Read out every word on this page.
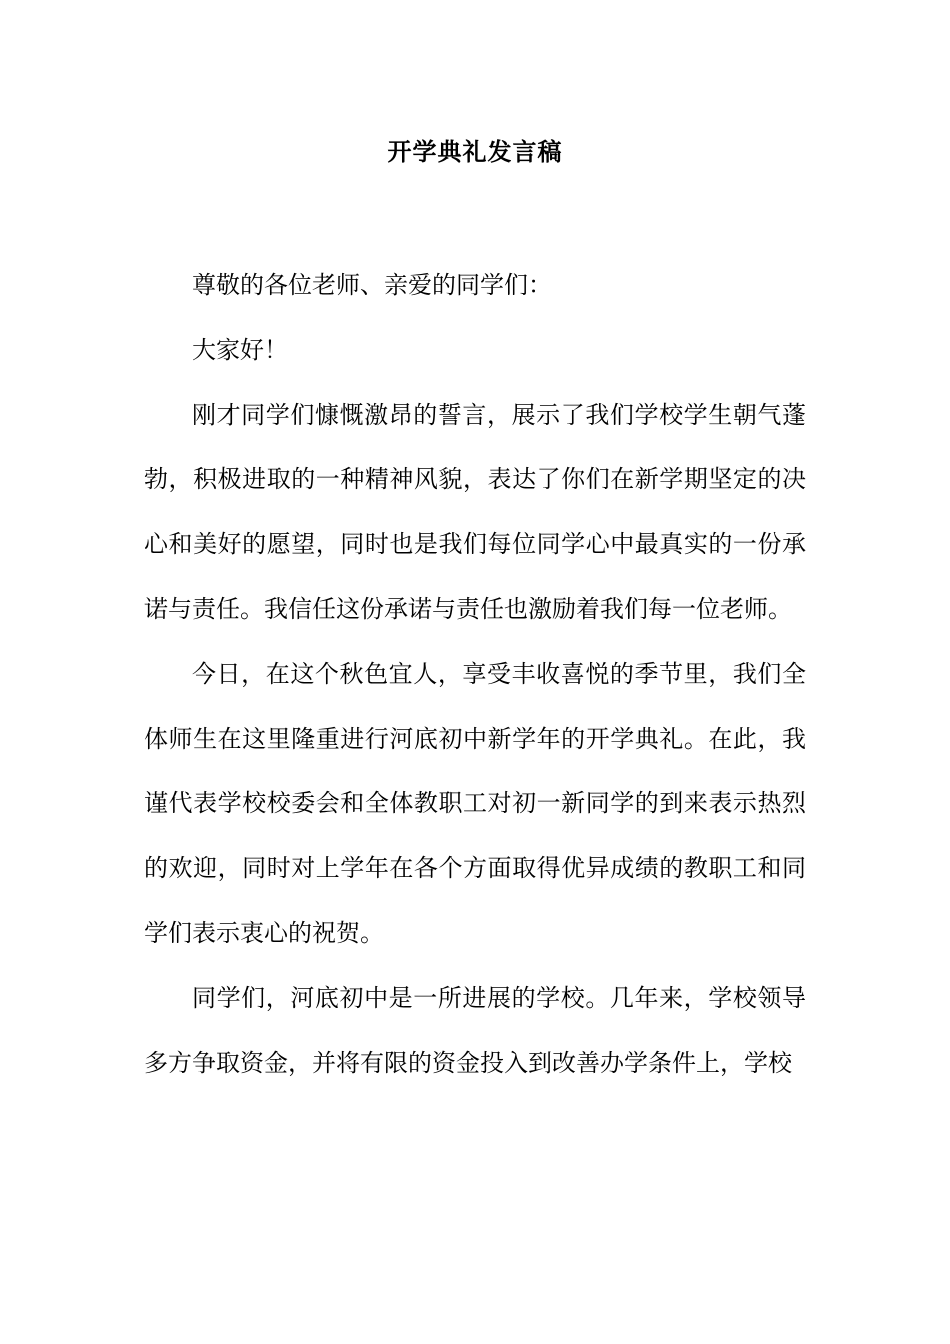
开学典礼发言稿

尊敬的各位老师、亲爱的同学们：

大家好！

刚才同学们慷慨激昂的誓言，展示了我们学校学生朝气蓬勃，积极进取的一种精神风貌，表达了你们在新学期坚定的决心和美好的愿望，同时也是我们每位同学心中最真实的一份承诺与责任。我信任这份承诺与责任也激励着我们每一位老师。

今日，在这个秋色宜人，享受丰收喜悦的季节里，我们全体师生在这里隆重进行河底初中新学年的开学典礼。在此，我谨代表学校校委会和全体教职工对初一新同学的到来表示热烈的欢迎，同时对上学年在各个方面取得优异成绩的教职工和同学们表示衷心的祝贺。

同学们，河底初中是一所进展的学校。几年来，学校领导多方争取资金，并将有限的资金投入到改善办学条件上，学校
